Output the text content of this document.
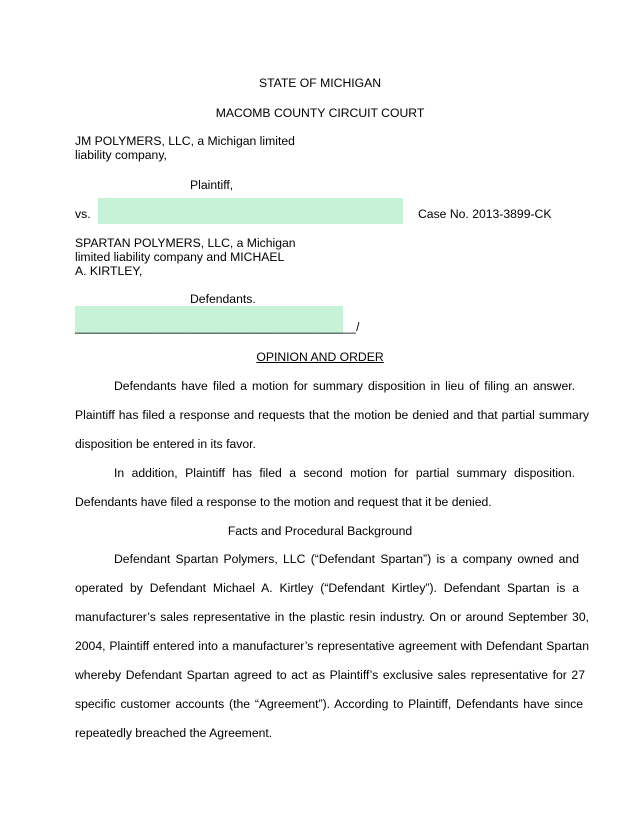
STATE OF MICHIGAN

MACOMB COUNTY CIRCUIT COURT

JM POLYMERS, LLC, a Michigan limited

liability company,

Plaintiff,

vs.	Case No. 2013-3899-CK

SPARTAN POLYMERS, LLC, a Michigan

limited liability company and MICHAEL

A. KIRTLEY,

Defendants.

________________________________________/

OPINION AND ORDER

Defendants have filed a motion for summary disposition in lieu of filing an answer.

Plaintiff has filed a response and requests that the motion be denied and that partial summary

disposition be entered in its favor.

In addition, Plaintiff has filed a second motion for partial summary disposition.

Defendants have filed a response to the motion and request that it be denied.

Facts and Procedural Background

Defendant Spartan Polymers, LLC (“Defendant Spartan”) is a company owned and

operated by Defendant Michael A. Kirtley (“Defendant Kirtley”). Defendant Spartan is a

manufacturer’s sales representative in the plastic resin industry. On or around September 30,

2004, Plaintiff entered into a manufacturer’s representative agreement with Defendant Spartan

whereby Defendant Spartan agreed to act as Plaintiff’s exclusive sales representative for 27

specific customer accounts (the “Agreement”). According to Plaintiff, Defendants have since

repeatedly breached the Agreement.
